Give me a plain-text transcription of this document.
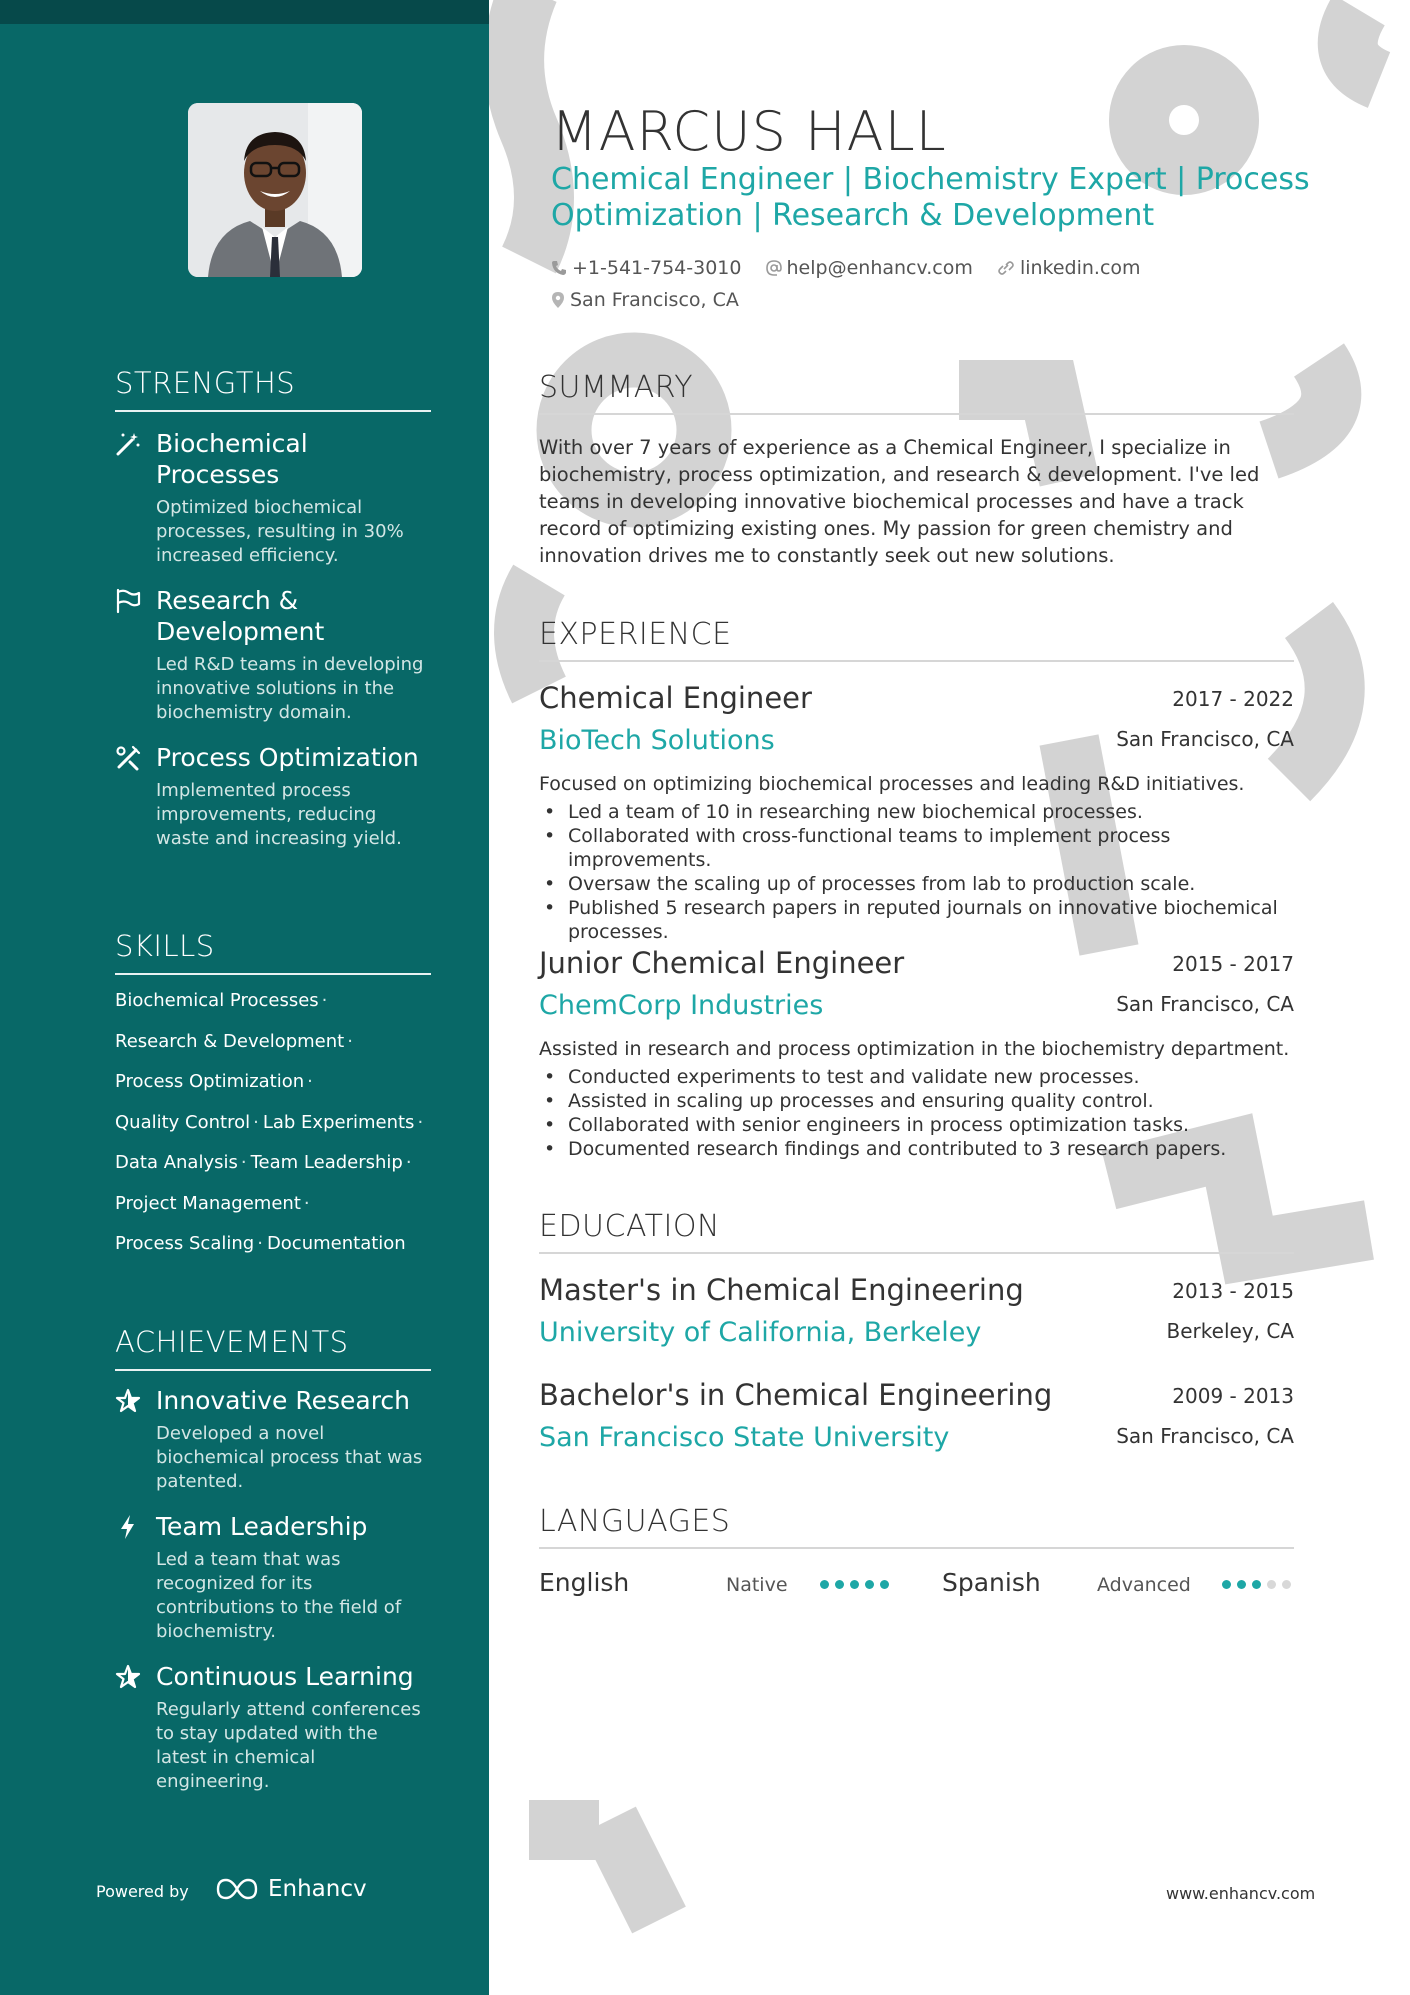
STRENGTHS
Biochemical Processes
Optimized biochemical processes, resulting in 30% increased efficiency.
Research & Development
Led R&D teams in developing innovative solutions in the biochemistry domain.
Process Optimization
Implemented process improvements, reducing waste and increasing yield.
SKILLS
Biochemical Processes ·
Research & Development ·
Process Optimization ·
Quality Control · Lab Experiments ·
Data Analysis · Team Leadership ·
Project Management ·
Process Scaling · Documentation
ACHIEVEMENTS
Innovative Research
Developed a novel biochemical process that was patented.
Team Leadership
Led a team that was recognized for its contributions to the field of biochemistry.
Continuous Learning
Regularly attend conferences to stay updated with the latest in chemical engineering.
Powered by	Enhancv
MARCUS HALL
Chemical Engineer | Biochemistry Expert | Process Optimization | Research & Development
+1-541-754-3010
help@enhancv.com
linkedin.com

San Francisco, CA
SUMMARY
With over 7 years of experience as a Chemical Engineer, I specialize in biochemistry, process optimization, and research & development. I've led teams in developing innovative biochemical processes and have a track record of optimizing existing ones. My passion for green chemistry and innovation drives me to constantly seek out new solutions.
EXPERIENCE
Chemical Engineer	2017 - 2022
BioTech Solutions	San Francisco, CA
Focused on optimizing biochemical processes and leading R&D initiatives.
• Led a team of 10 in researching new biochemical processes.
• Collaborated with cross-functional teams to implement process improvements.
• Oversaw the scaling up of processes from lab to production scale.
• Published 5 research papers in reputed journals on innovative biochemical processes.
Junior Chemical Engineer	2015 - 2017
ChemCorp Industries	San Francisco, CA
Assisted in research and process optimization in the biochemistry department.
• Conducted experiments to test and validate new processes.
• Assisted in scaling up processes and ensuring quality control.
• Collaborated with senior engineers in process optimization tasks.
• Documented research findings and contributed to 3 research papers.
EDUCATION
Master's in Chemical Engineering	2013 - 2015
University of California, Berkeley	Berkeley, CA
Bachelor's in Chemical Engineering	2009 - 2013
San Francisco State University	San Francisco, CA
LANGUAGES
English	Native	Spanish	Advanced
www.enhancv.com
